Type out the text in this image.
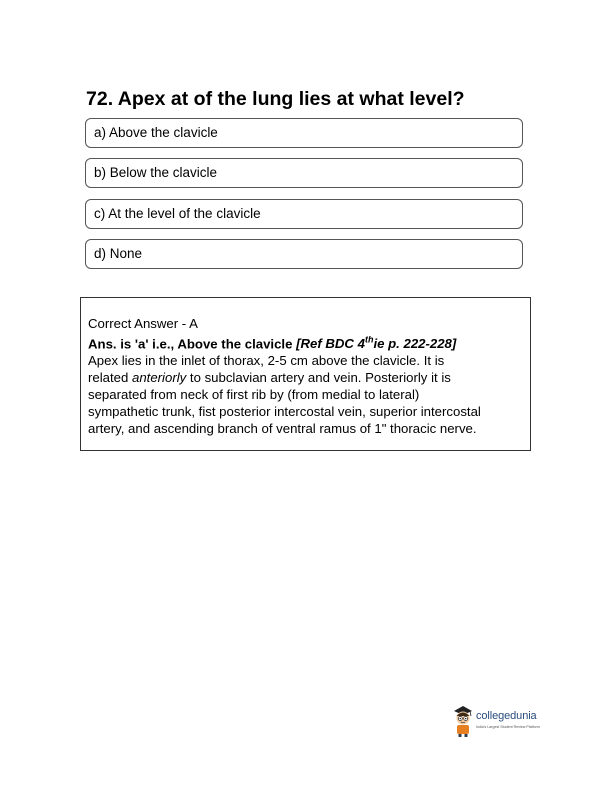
72. Apex at of the lung lies at what level?
a) Above the clavicle
b) Below the clavicle
c) At the level of the clavicle
d) None

Correct Answer - A

Ans. is 'a' i.e., Above the clavicle [Ref BDC 4thie p. 222-228]

Apex lies in the inlet of thorax, 2-5 cm above the clavicle. It is

related anteriorly to subclavian artery and vein. Posteriorly it is

separated from neck of first rib by (from medial to lateral)

sympathetic trunk, fist posterior intercostal vein, superior intercostal

artery, and ascending branch of ventral ramus of 1" thoracic nerve.

collegedunia
India's Largest Student Review Platform
